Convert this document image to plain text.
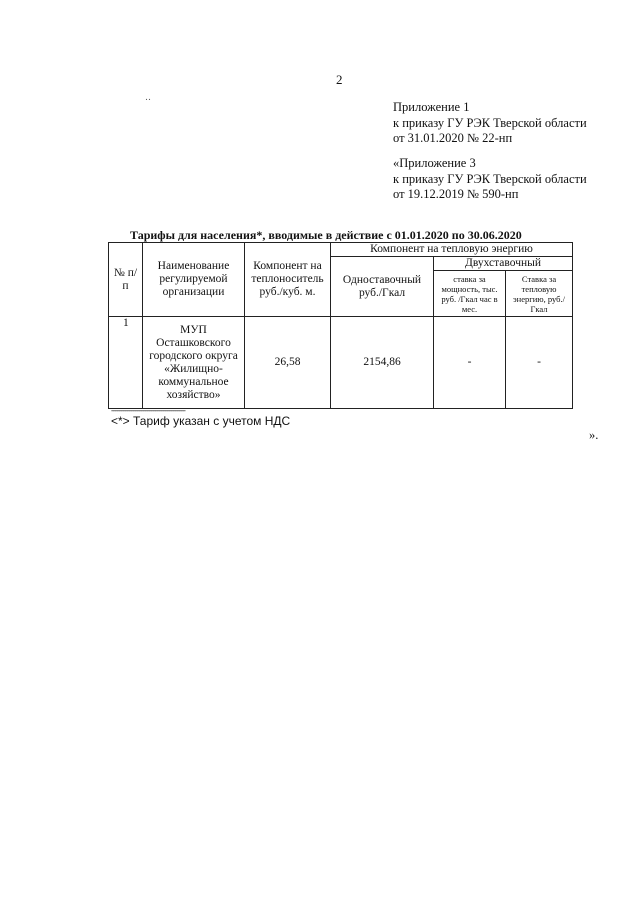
2
‥
Приложение 1
к приказу ГУ РЭК Тверской области
от 31.01.2020 № 22-нп
«Приложение 3
к приказу ГУ РЭК Тверской области
от 19.12.2019 № 590-нп
Тарифы для населения*, вводимые в действие с 01.01.2020 по 30.06.2020
№ п/п	Наименование регулируемой организации	Компонент на теплоноситель руб./куб. м.	Компонент на тепловую энергию		
			Одноставочный руб./Гкал	Двухставочный	
				ставка за мощность, тыс. руб. /Гкал час в мес.	Ставка за тепловую энергию, руб./Гкал
1	МУП Осташковского городского округа «Жилищно-коммунальное хозяйство»	26,58	2154,86	-	-
-------------------------------------
<*> Тариф указан с учетом НДС
».
